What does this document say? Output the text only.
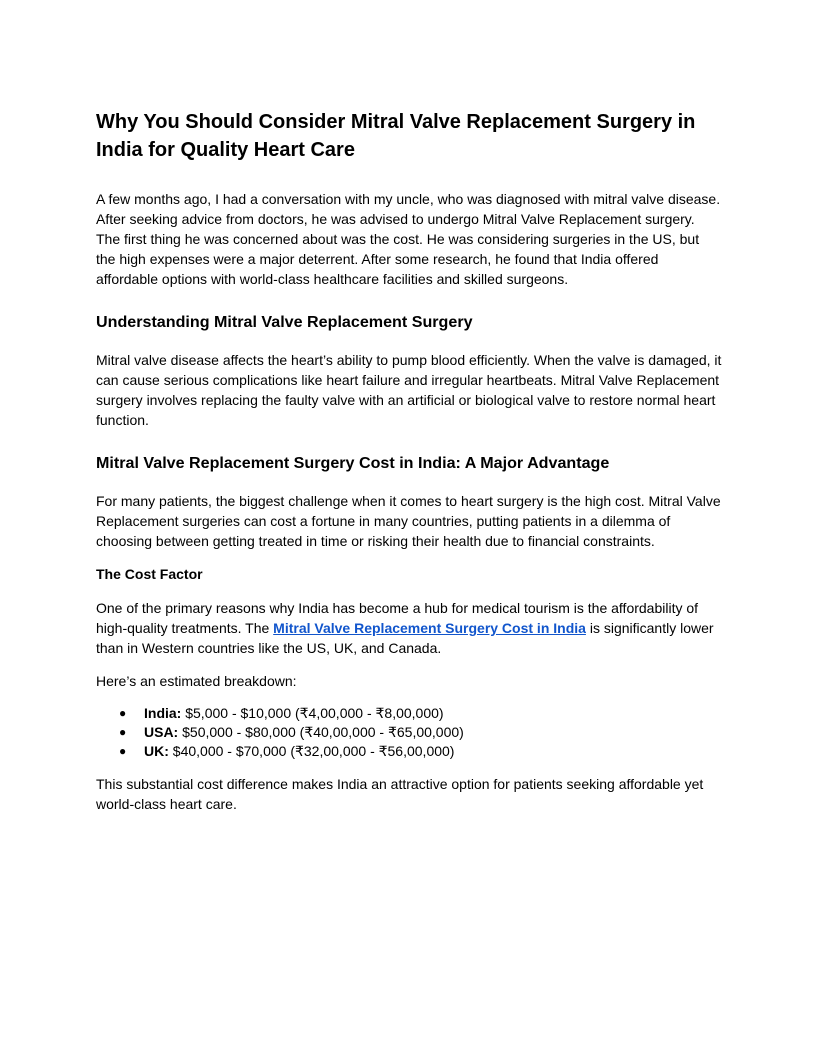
Why You Should Consider Mitral Valve Replacement Surgery in India for Quality Heart Care

A few months ago, I had a conversation with my uncle, who was diagnosed with mitral valve disease. After seeking advice from doctors, he was advised to undergo Mitral Valve Replacement surgery. The first thing he was concerned about was the cost. He was considering surgeries in the US, but the high expenses were a major deterrent. After some research, he found that India offered affordable options with world-class healthcare facilities and skilled surgeons.

Understanding Mitral Valve Replacement Surgery

Mitral valve disease affects the heart’s ability to pump blood efficiently. When the valve is damaged, it can cause serious complications like heart failure and irregular heartbeats. Mitral Valve Replacement surgery involves replacing the faulty valve with an artificial or biological valve to restore normal heart function.

Mitral Valve Replacement Surgery Cost in India: A Major Advantage

For many patients, the biggest challenge when it comes to heart surgery is the high cost. Mitral Valve Replacement surgeries can cost a fortune in many countries, putting patients in a dilemma of choosing between getting treated in time or risking their health due to financial constraints.

The Cost Factor

One of the primary reasons why India has become a hub for medical tourism is the affordability of high-quality treatments. The Mitral Valve Replacement Surgery Cost in India is significantly lower than in Western countries like the US, UK, and Canada.

Here’s an estimated breakdown:

● India: $5,000 - $10,000 (₹4,00,000 - ₹8,00,000)
● USA: $50,000 - $80,000 (₹40,00,000 - ₹65,00,000)
● UK: $40,000 - $70,000 (₹32,00,000 - ₹56,00,000)

This substantial cost difference makes India an attractive option for patients seeking affordable yet world-class heart care.
